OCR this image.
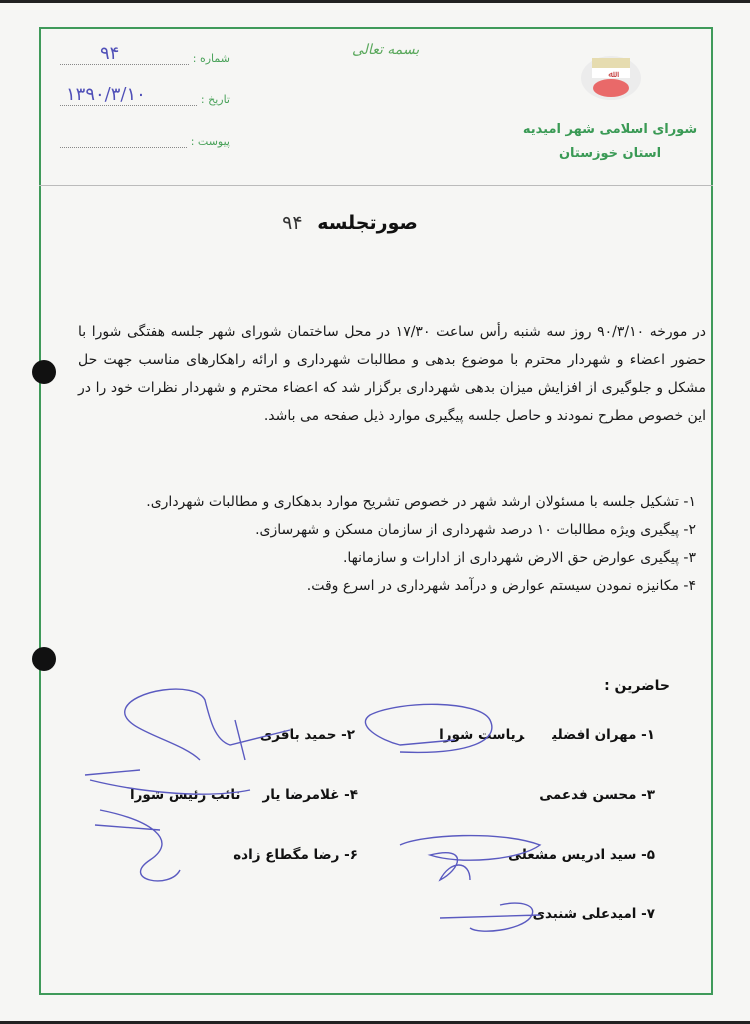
شماره :
۹۴
تاریخ :
۱۳۹۰/۳/۱۰
پیوست :
بسمه تعالی
ﷲ
شورای اسلامی شهر امیدیه
استان خوزستان
صورتجلسه ۹۴
در مورخه ۹۰/۳/۱۰ روز سه شنبه رأس ساعت ۱۷/۳۰ در محل ساختمان شورای شهر جلسه هفتگی شورا با حضور اعضاء و شهردار محترم با موضوع بدهی و مطالبات شهرداری و ارائه راهکارهای مناسب جهت حل مشکل و جلوگیری از افزایش میزان بدهی شهرداری برگزار شد که اعضاء محترم و شهردار نظرات خود را در این خصوص مطرح نمودند و حاصل جلسه پیگیری موارد ذیل صفحه می باشد.
۱- تشکیل جلسه با مسئولان ارشد شهر در خصوص تشریح موارد بدهکاری و مطالبات شهرداری.
۲- پیگیری ویژه مطالبات ۱۰ درصد شهرداری از سازمان مسکن و شهرسازی.
۳- پیگیری عوارض حق الارض شهرداری از ادارات و سازمانها.
۴- مکانیزه نمودن سیستم عوارض و درآمد شهرداری در اسرع وقت.
حاضرین :
۱- مهران افضلیریاست شورا
۲- حمید باقری
۳- محسن فدعمی
۴- غلامرضا یارنائب رئیس شورا
۵- سید ادریس مشعلی
۶- رضا مگطاع زاده
۷- امیدعلی شنبدی
